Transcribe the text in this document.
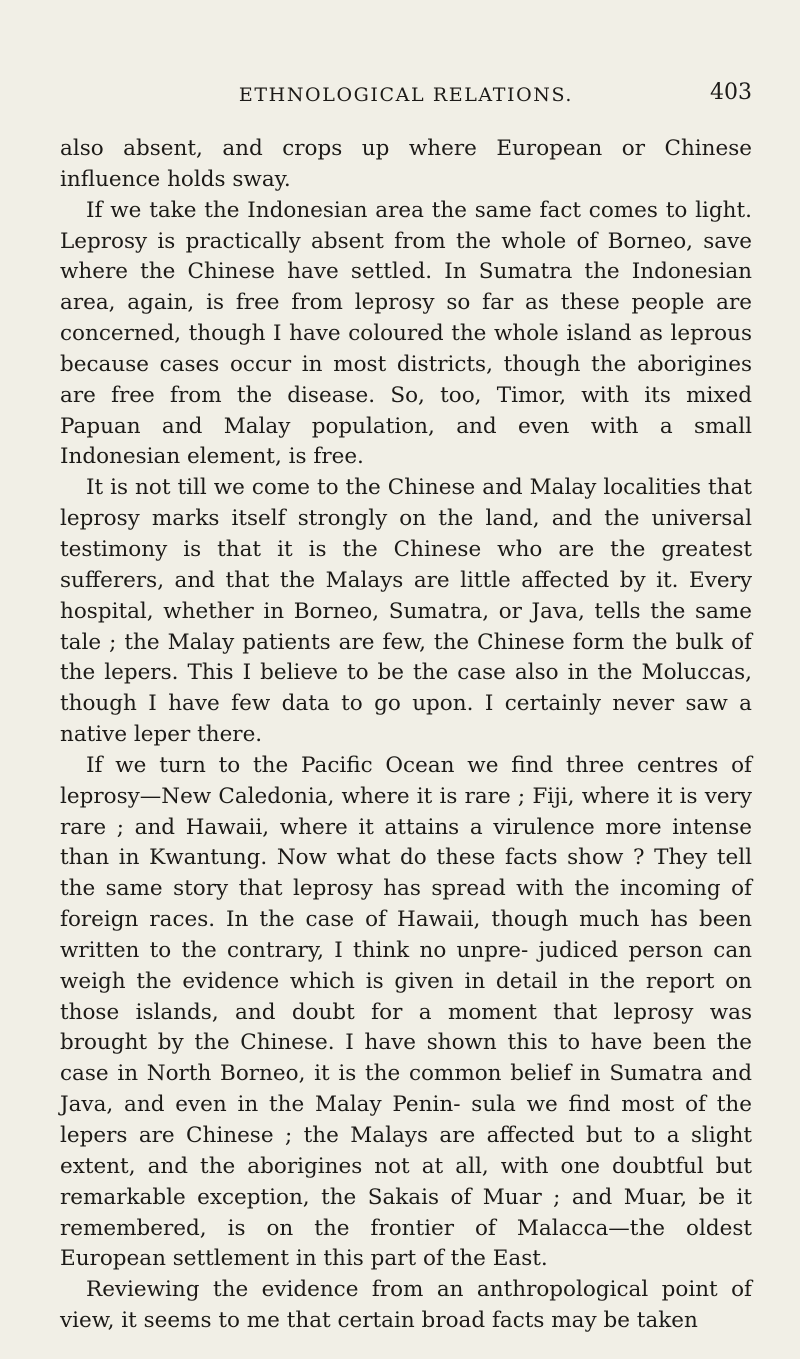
ETHNOLOGICAL RELATIONS.	403

also absent, and crops up where European or Chinese influence holds sway.

If we take the Indonesian area the same fact comes to light. Leprosy is practically absent from the whole of Borneo, save where the Chinese have settled. In Sumatra the Indonesian area, again, is free from leprosy so far as these people are concerned, though I have coloured the whole island as leprous because cases occur in most districts, though the aborigines are free from the disease. So, too, Timor, with its mixed Papuan and Malay population, and even with a small Indonesian element, is free.

It is not till we come to the Chinese and Malay localities that leprosy marks itself strongly on the land, and the universal testimony is that it is the Chinese who are the greatest sufferers, and that the Malays are little affected by it. Every hospital, whether in Borneo, Sumatra, or Java, tells the same tale ; the Malay patients are few, the Chinese form the bulk of the lepers. This I believe to be the case also in the Moluccas, though I have few data to go upon. I certainly never saw a native leper there.

If we turn to the Pacific Ocean we find three centres of leprosy—New Caledonia, where it is rare ; Fiji, where it is very rare ; and Hawaii, where it attains a virulence more intense than in Kwantung. Now what do these facts show ? They tell the same story that leprosy has spread with the incoming of foreign races. In the case of Hawaii, though much has been written to the contrary, I think no unpre- judiced person can weigh the evidence which is given in detail in the report on those islands, and doubt for a moment that leprosy was brought by the Chinese. I have shown this to have been the case in North Borneo, it is the common belief in Sumatra and Java, and even in the Malay Penin- sula we find most of the lepers are Chinese ; the Malays are affected but to a slight extent, and the aborigines not at all, with one doubtful but remarkable exception, the Sakais of Muar ; and Muar, be it remembered, is on the frontier of Malacca—the oldest European settlement in this part of the East.

Reviewing the evidence from an anthropological point of view, it seems to me that certain broad facts may be taken
